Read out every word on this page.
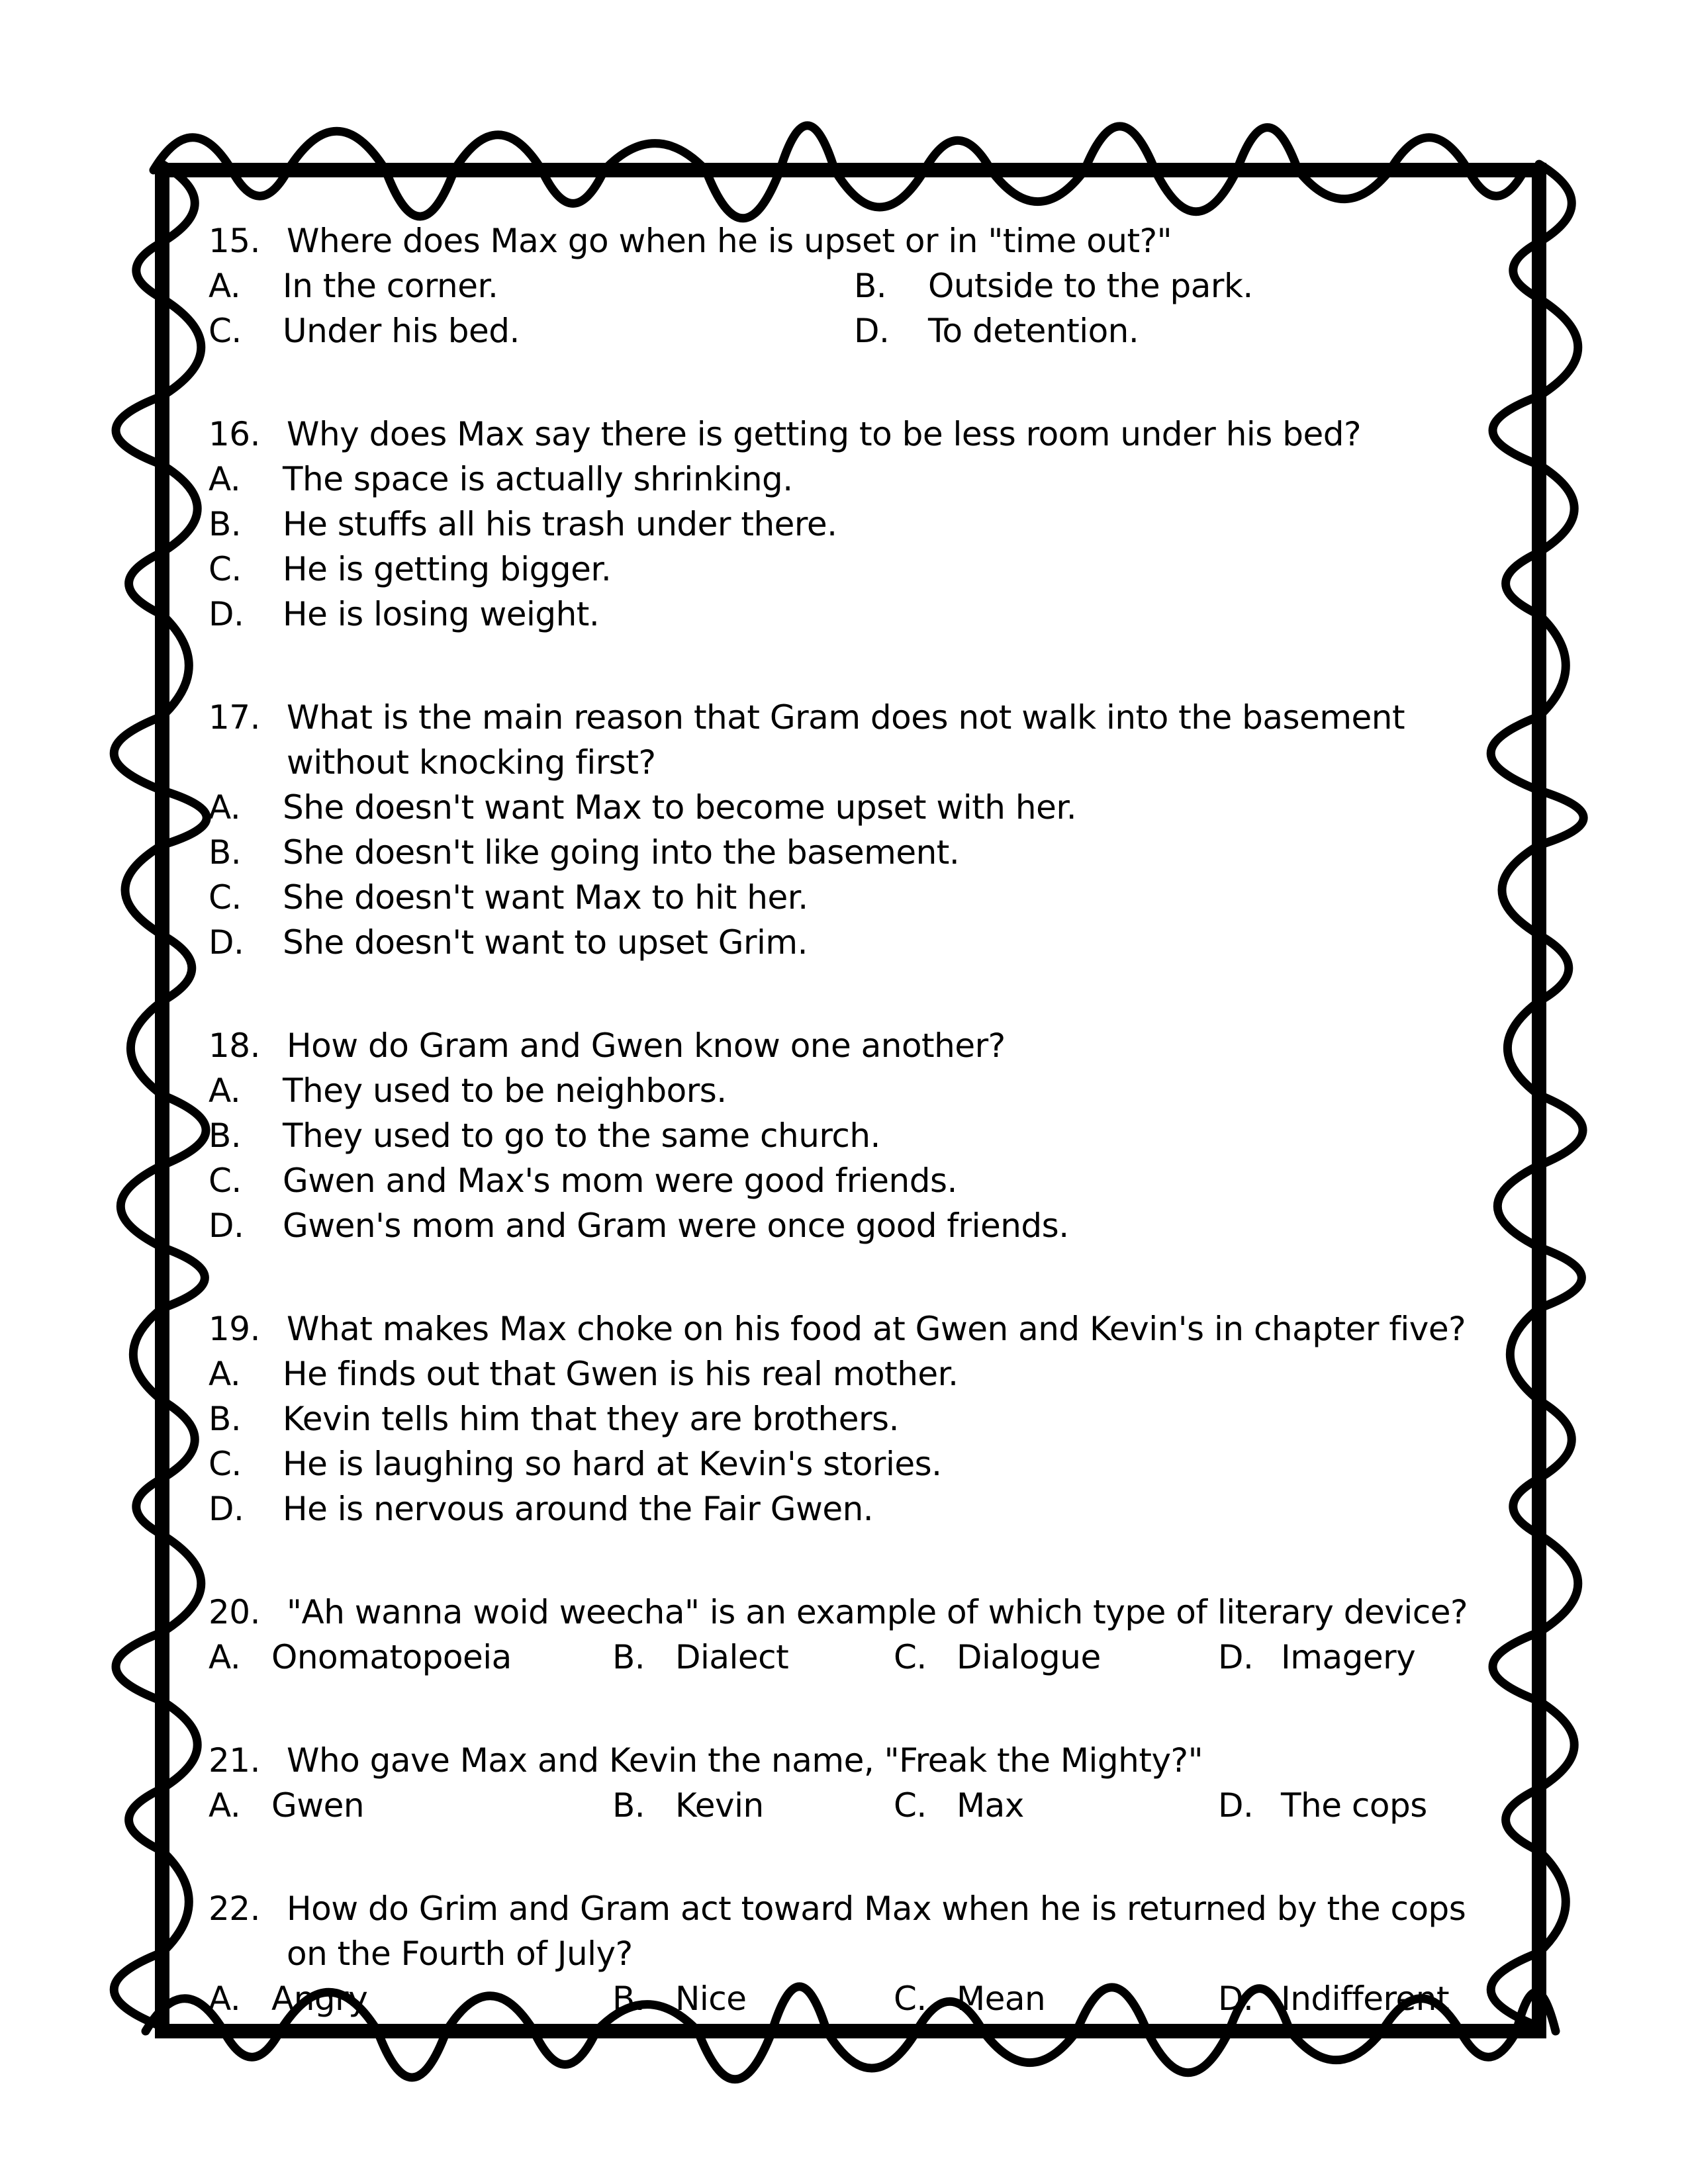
15. Where does Max go when he is upset or in "time out?"
A. In the corner.	B. Outside to the park.
C. Under his bed.	D. To detention.
16. Why does Max say there is getting to be less room under his bed?
A. The space is actually shrinking.
B. He stuffs all his trash under there.
C. He is getting bigger.
D. He is losing weight.
17. What is the main reason that Gram does not walk into the basement
without knocking first?
A. She doesn't want Max to become upset with her.
B. She doesn't like going into the basement.
C. She doesn't want Max to hit her.
D. She doesn't want to upset Grim.
18. How do Gram and Gwen know one another?
A. They used to be neighbors.
B. They used to go to the same church.
C. Gwen and Max's mom were good friends.
D. Gwen's mom and Gram were once good friends.
19. What makes Max choke on his food at Gwen and Kevin's in chapter five?
A. He finds out that Gwen is his real mother.
B. Kevin tells him that they are brothers.
C. He is laughing so hard at Kevin's stories.
D. He is nervous around the Fair Gwen.
20. "Ah wanna woid weecha" is an example of which type of literary device?
A. Onomatopoeia	B. Dialect	C. Dialogue	D. Imagery
21. Who gave Max and Kevin the name, "Freak the Mighty?"
A. Gwen	B. Kevin	C. Max	D. The cops
22. How do Grim and Gram act toward Max when he is returned by the cops
on the Fourth of July?
A. Angry	B. Nice	C. Mean	D. Indifferent
